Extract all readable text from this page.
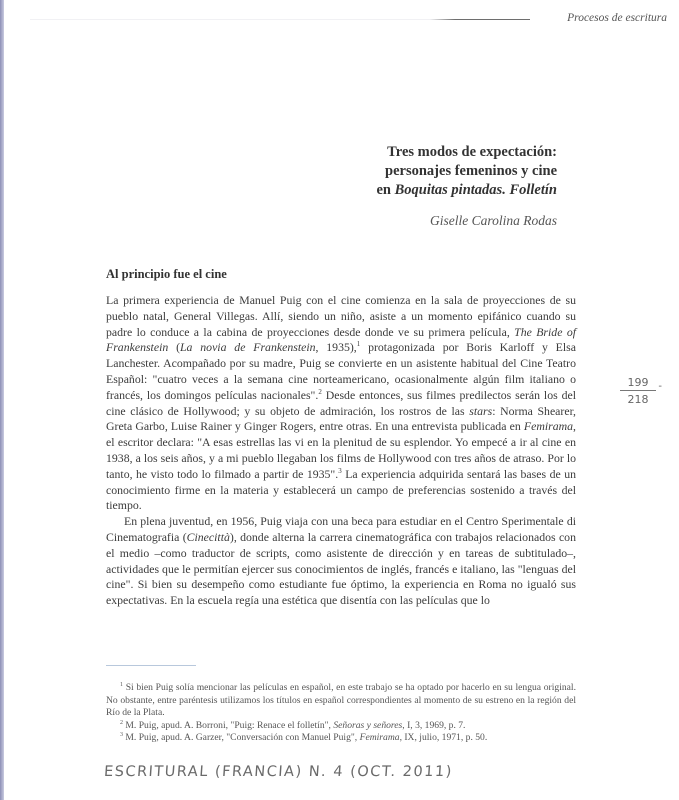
Procesos de escritura
Tres modos de expectación:
personajes femeninos y cine
en Boquitas pintadas. Folletín
Giselle Carolina Rodas
Al principio fue el cine

La primera experiencia de Manuel Puig con el cine comienza en la sala de proyecciones de su pueblo natal, General Villegas. Allí, siendo un niño, asiste a un momento epifánico cuando su padre lo conduce a la cabina de proyecciones desde donde ve su primera película, The Bride of Frankenstein (La novia de Frankenstein, 1935),$^1$ protagonizada por Boris Karloff y Elsa Lanchester. Acompañado por su madre, Puig se convierte en un asistente habitual del Cine Teatro Español: "cuatro veces a la semana cine norteamericano, ocasionalmente algún film italiano o francés, los domingos películas nacionales".$^2$ Desde entonces, sus filmes predilectos serán los del cine clásico de Hollywood; y su objeto de admiración, los rostros de las stars: Norma Shearer, Greta Garbo, Luise Rainer y Ginger Rogers, entre otras. En una entrevista publicada en Femirama, el escritor declara: "A esas estrellas las vi en la plenitud de su esplendor. Yo empecé a ir al cine en 1938, a los seis años, y a mi pueblo llegaban los films de Hollywood con tres años de atraso. Por lo tanto, he visto todo lo filmado a partir de 1935".$^3$ La experiencia adquirida sentará las bases de un conocimiento firme en la materia y establecerá un campo de preferencias sostenido a través del tiempo.

En plena juventud, en 1956, Puig viaja con una beca para estudiar en el Centro Sperimentale di Cinematografia (Cinecittà), donde alterna la carrera cinematográfica con trabajos relacionados con el medio –como traductor de scripts, como asistente de dirección y en tareas de subtitulado–, actividades que le permitían ejercer sus conocimientos de inglés, francés e italiano, las "lenguas del cine". Si bien su desempeño como estudiante fue óptimo, la experiencia en Roma no igualó sus expectativas. En la escuela regía una estética que disentía con las películas que lo

$^1$ Si bien Puig solía mencionar las películas en español, en este trabajo se ha optado por hacerlo en su lengua original. No obstante, entre paréntesis utilizamos los títulos en español correspondientes al momento de su estreno en la región del Río de la Plata.

$^2$ M. Puig, apud. A. Borroni, "Puig: Renace el folletín", Señoras y señores, I, 3, 1969, p. 7.

$^3$ M. Puig, apud. A. Garzer, "Conversación con Manuel Puig", Femirama, IX, julio, 1971, p. 50.

199
218
-
ESCRITURAL (FRANCIA) N. 4 (OCT. 2011)
